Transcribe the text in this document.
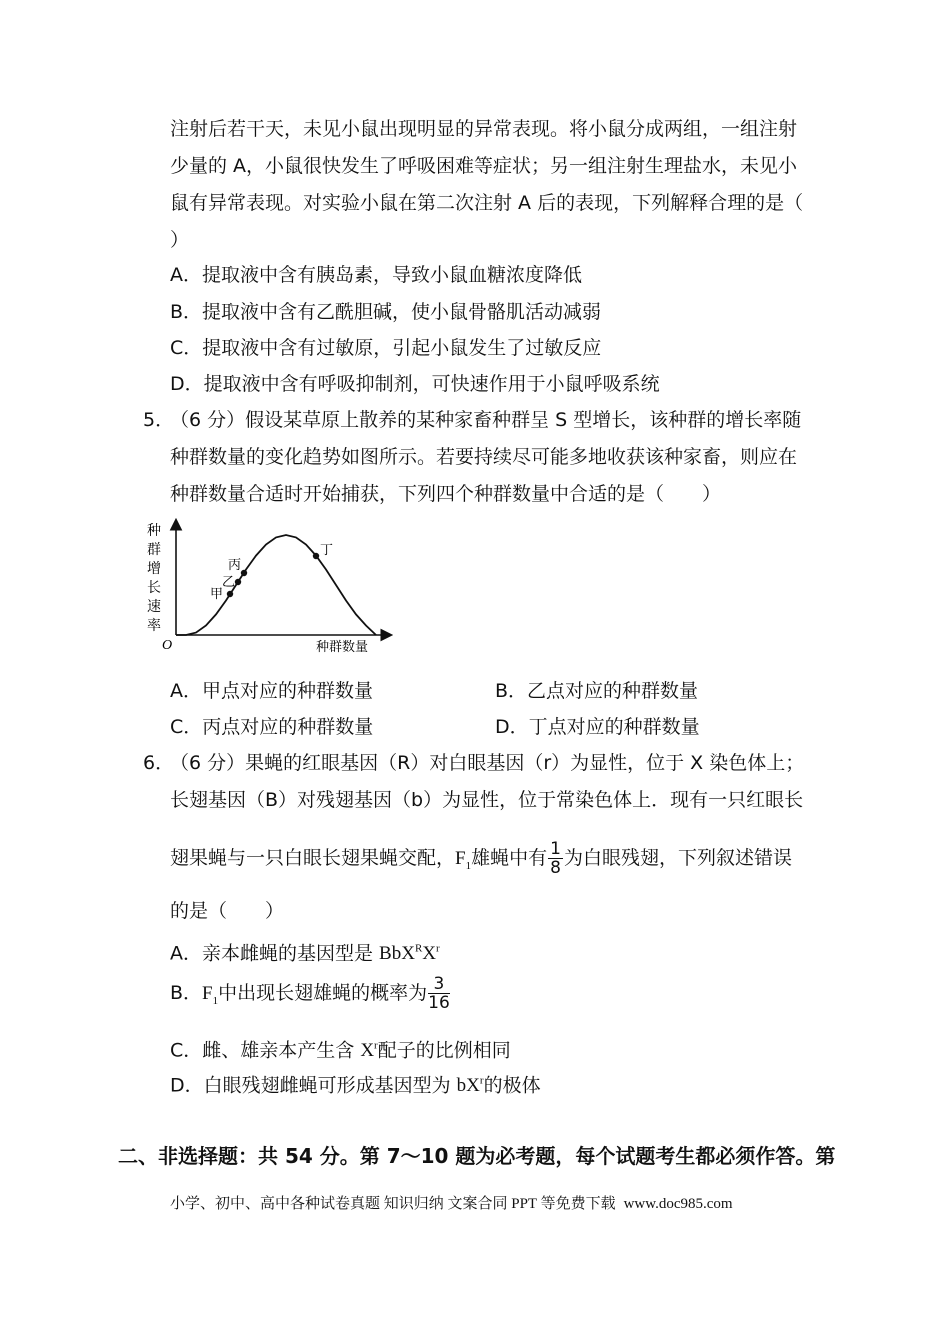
注射后若干天，未见小鼠出现明显的异常表现。将小鼠分成两组，一组注射
少量的 A，小鼠很快发生了呼吸困难等症状；另一组注射生理盐水，未见小
鼠有异常表现。对实验小鼠在第二次注射 A 后的表现，下列解释合理的是（
）
A．提取液中含有胰岛素，导致小鼠血糖浓度降低
B．提取液中含有乙酰胆碱，使小鼠骨骼肌活动减弱
C．提取液中含有过敏原，引起小鼠发生了过敏反应
D．提取液中含有呼吸抑制剂，可快速作用于小鼠呼吸系统
5．
（6 分）假设某草原上散养的某种家畜种群呈 S 型增长，该种群的增长率随
种群数量的变化趋势如图所示。若要持续尽可能多地收获该种家畜，则应在
种群数量合适时开始捕获，下列四个种群数量中合适的是（　　）
种
群
增
长
速
率
O	种群数量
甲
乙
丙
丁
A．甲点对应的种群数量	B．乙点对应的种群数量
C．丙点对应的种群数量	D．丁点对应的种群数量
6．
（6 分）果蝇的红眼基因（R）对白眼基因（r）为显性，位于 X 染色体上；
长翅基因（B）对残翅基因（b）为显性，位于常染色体上．现有一只红眼长
翅果蝇与一只白眼长翅果蝇交配，$F_1$雄蝇中有 $\frac{1}{8}$ 为白眼残翅，下列叙述错误
的是（　　）
A．亲本雌蝇的基因型是 $BbX^RX^r$
B．$F_1$中出现长翅雄蝇的概率为 $\frac{3}{16}$
C．雌、雄亲本产生含 $X^r$配子的比例相同
D．白眼残翅雌蝇可形成基因型为 $bX^r$的极体
二、非选择题：共 54 分。第 7～10 题为必考题，每个试题考生都必须作答。第
小学、初中、高中各种试卷真题 知识归纳 文案合同 PPT 等免费下载 www.doc985.com
